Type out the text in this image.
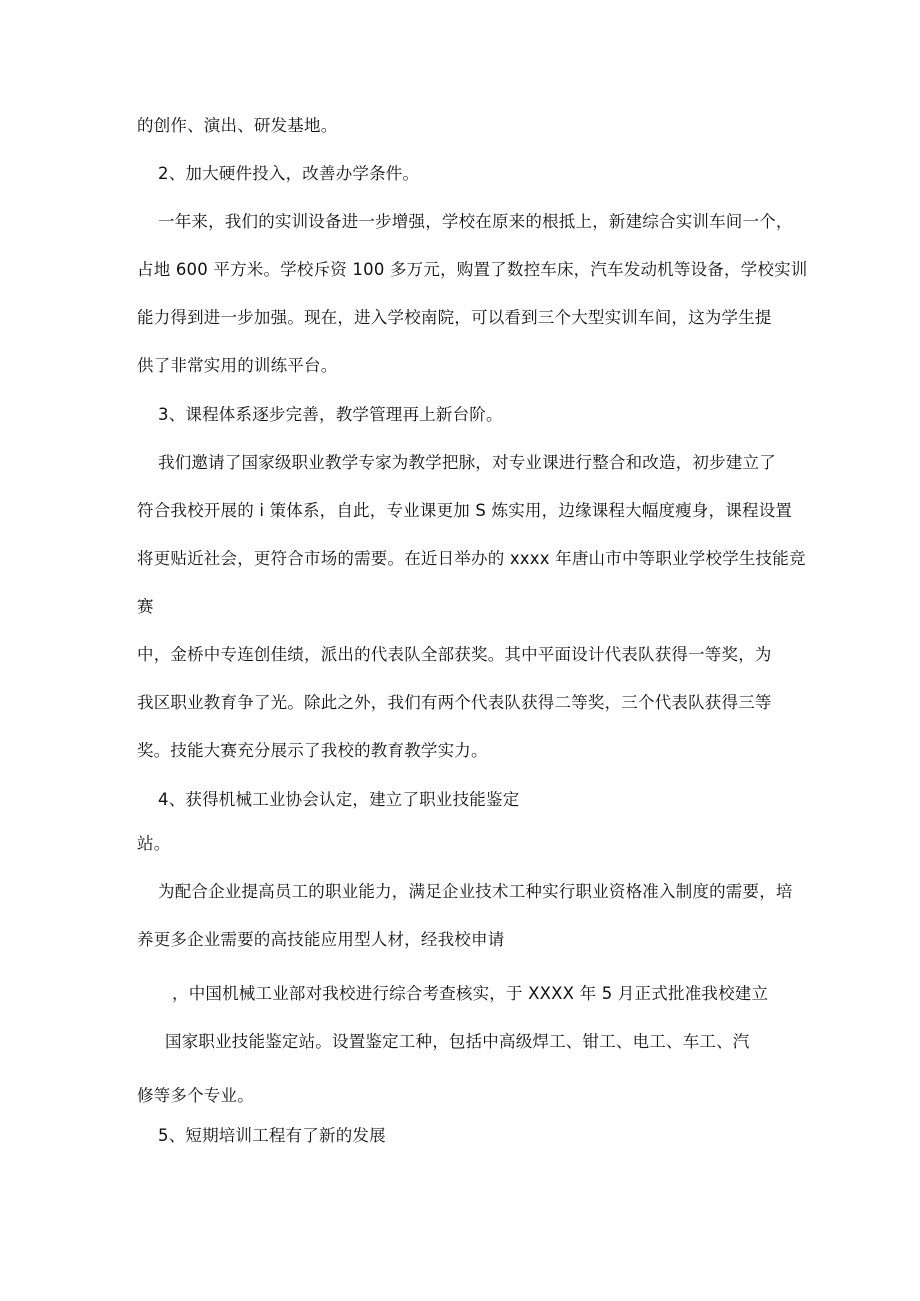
的创作、演出、研发基地。
2、加大硬件投入，改善办学条件。
一年来，我们的实训设备进一步增强，学校在原来的根抵上，新建综合实训车间一个，
占地 600 平方米。学校斥资 100 多万元，购置了数控车床，汽车发动机等设备，学校实训
能力得到进一步加强。现在，进入学校南院，可以看到三个大型实训车间，这为学生提
供了非常实用的训练平台。
3、课程体系逐步完善，教学管理再上新台阶。
我们邀请了国家级职业教学专家为教学把脉，对专业课进行整合和改造，初步建立了
符合我校开展的 i 策体系，自此，专业课更加 S 炼实用，边缘课程大幅度瘦身，课程设置
将更贴近社会，更符合市场的需要。在近日举办的 xxxx 年唐山市中等职业学校学生技能竞
赛
中，金桥中专连创佳绩，派出的代表队全部获奖。其中平面设计代表队获得一等奖，为
我区职业教育争了光。除此之外，我们有两个代表队获得二等奖，三个代表队获得三等
奖。技能大赛充分展示了我校的教育教学实力。
4、获得机械工业协会认定，建立了职业技能鉴定
站。
为配合企业提高员工的职业能力，满足企业技术工种实行职业资格准入制度的需要，培
养更多企业需要的高技能应用型人材，经我校申请
，中国机械工业部对我校进行综合考查核实，于 XXXX 年 5 月正式批准我校建立
国家职业技能鉴定站。设置鉴定工种，包括中高级焊工、钳工、电工、车工、汽
修等多个专业。
5、短期培训工程有了新的发展
